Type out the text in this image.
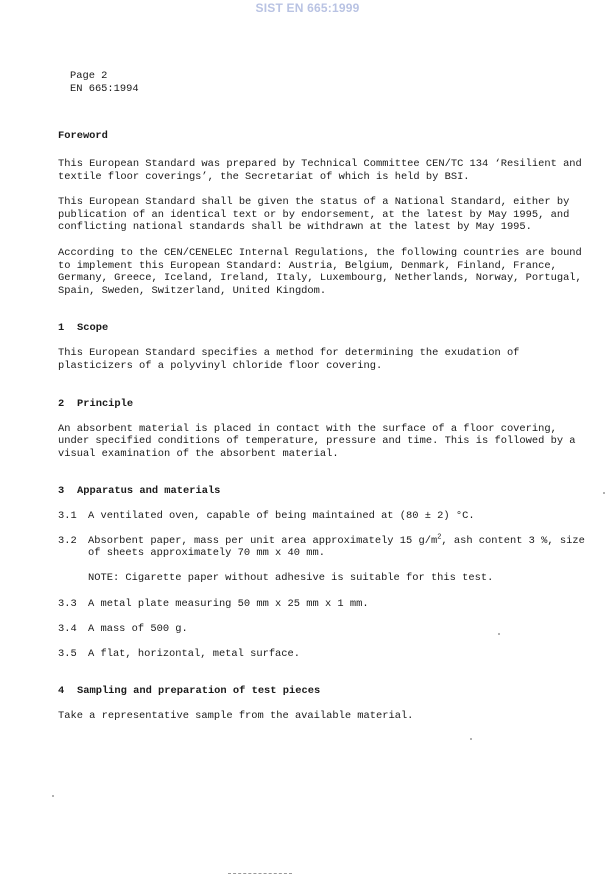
SIST EN 665:1999
Page 2
EN 665:1994
Foreword

This European Standard was prepared by Technical Committee CEN/TC 134 ‘Resilient and textile floor coverings’, the Secretariat of which is held by BSI.

This European Standard shall be given the status of a National Standard, either by publication of an identical text or by endorsement, at the latest by May 1995, and conflicting national standards shall be withdrawn at the latest by May 1995.

According to the CEN/CENELEC Internal Regulations, the following countries are bound to implement this European Standard: Austria, Belgium, Denmark, Finland, France, Germany, Greece, Iceland, Ireland, Italy, Luxembourg, Netherlands, Norway, Portugal, Spain, Sweden, Switzerland, United Kingdom.

1 Scope

This European Standard specifies a method for determining the exudation of plasticizers of a polyvinyl chloride floor covering.

2 Principle

An absorbent material is placed in contact with the surface of a floor covering, under specified conditions of temperature, pressure and time. This is followed by a visual examination of the absorbent material.

3 Apparatus and materials
3.1	A ventilated oven, capable of being maintained at (80 ± 2) °C.
3.2	Absorbent paper, mass per unit area approximately 15 $g/m^2$, ash content 3 %, size of sheets approximately 70 mm x 40 mm.

NOTE: Cigarette paper without adhesive is suitable for this test.

3.3	A metal plate measuring 50 mm x 25 mm x 1 mm.
3.4	A mass of 500 g.
3.5	A flat, horizontal, metal surface.
4 Sampling and preparation of test pieces

Take a representative sample from the available material.
